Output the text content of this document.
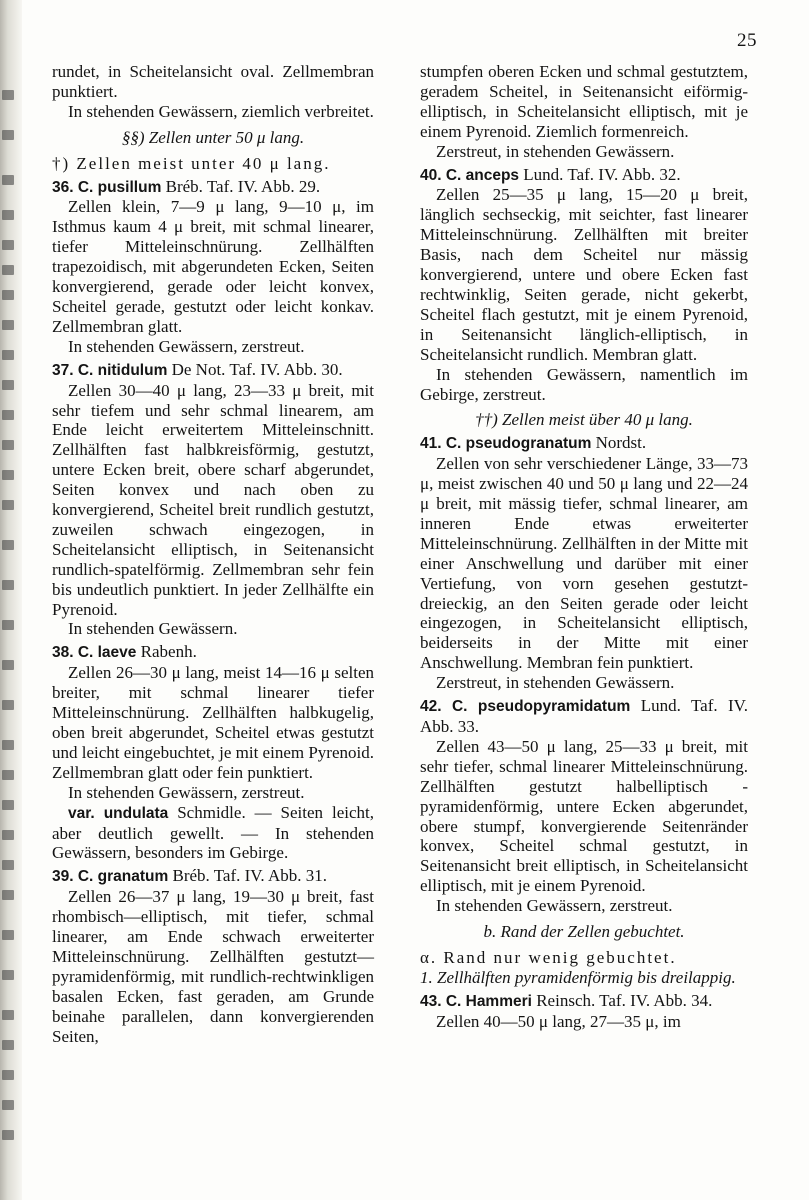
25

rundet, in Scheitelansicht oval. Zellmembran punktiert.

In stehenden Gewässern, ziemlich verbreitet.

§§) Zellen unter 50 μ lang.

†) Zellen meist unter 40 μ lang.

36. C. pusillum Bréb. Taf. IV. Abb. 29.

Zellen klein, 7—9 μ lang, 9—10 μ, im Isthmus kaum 4 μ breit, mit schmal linearer, tiefer Mitteleinschnürung. Zellhälften trapezoidisch, mit abgerundeten Ecken, Seiten konvergierend, gerade oder leicht konvex, Scheitel gerade, gestutzt oder leicht konkav. Zellmembran glatt.

In stehenden Gewässern, zerstreut.

37. C. nitidulum De Not. Taf. IV. Abb. 30.

Zellen 30—40 μ lang, 23—33 μ breit, mit sehr tiefem und sehr schmal linearem, am Ende leicht erweitertem Mitteleinschnitt. Zellhälften fast halbkreisförmig, gestutzt, untere Ecken breit, obere scharf abgerundet, Seiten konvex und nach oben zu konvergierend, Scheitel breit rundlich gestutzt, zuweilen schwach eingezogen, in Scheitelansicht elliptisch, in Seitenansicht rundlich-spatelförmig. Zellmembran sehr fein bis undeutlich punktiert. In jeder Zellhälfte ein Pyrenoid.

In stehenden Gewässern.

38. C. laeve Rabenh.

Zellen 26—30 μ lang, meist 14—16 μ selten breiter, mit schmal linearer tiefer Mitteleinschnürung. Zellhälften halbkugelig, oben breit abgerundet, Scheitel etwas gestutzt und leicht eingebuchtet, je mit einem Pyrenoid. Zellmembran glatt oder fein punktiert.

In stehenden Gewässern, zerstreut.

var. undulata Schmidle. — Seiten leicht, aber deutlich gewellt. — In stehenden Gewässern, besonders im Gebirge.

39. C. granatum Bréb. Taf. IV. Abb. 31.

Zellen 26—37 μ lang, 19—30 μ breit, fast rhombisch—elliptisch, mit tiefer, schmal linearer, am Ende schwach erweiterter Mitteleinschnürung. Zellhälften gestutzt—pyramidenförmig, mit rundlich-rechtwinkligen basalen Ecken, fast geraden, am Grunde beinahe parallelen, dann konvergierenden Seiten,

stumpfen oberen Ecken und schmal gestutztem, geradem Scheitel, in Seitenansicht eiförmig-elliptisch, in Scheitelansicht elliptisch, mit je einem Pyrenoid. Ziemlich formenreich.

Zerstreut, in stehenden Gewässern.

40. C. anceps Lund. Taf. IV. Abb. 32.

Zellen 25—35 μ lang, 15—20 μ breit, länglich sechseckig, mit seichter, fast linearer Mitteleinschnürung. Zellhälften mit breiter Basis, nach dem Scheitel nur mässig konvergierend, untere und obere Ecken fast rechtwinklig, Seiten gerade, nicht gekerbt, Scheitel flach gestutzt, mit je einem Pyrenoid, in Seitenansicht länglich-elliptisch, in Scheitelansicht rundlich. Membran glatt.

In stehenden Gewässern, namentlich im Gebirge, zerstreut.

††) Zellen meist über 40 μ lang.

41. C. pseudogranatum Nordst.

Zellen von sehr verschiedener Länge, 33—73 μ, meist zwischen 40 und 50 μ lang und 22—24 μ breit, mit mässig tiefer, schmal linearer, am inneren Ende etwas erweiterter Mitteleinschnürung. Zellhälften in der Mitte mit einer Anschwellung und darüber mit einer Vertiefung, von vorn gesehen gestutzt-dreieckig, an den Seiten gerade oder leicht eingezogen, in Scheitelansicht elliptisch, beiderseits in der Mitte mit einer Anschwellung. Membran fein punktiert.

Zerstreut, in stehenden Gewässern.

42. C. pseudopyramidatum Lund. Taf. IV. Abb. 33.

Zellen 43—50 μ lang, 25—33 μ breit, mit sehr tiefer, schmal linearer Mitteleinschnürung. Zellhälften gestutzt halbelliptisch - pyramidenförmig, untere Ecken abgerundet, obere stumpf, konvergierende Seitenränder konvex, Scheitel schmal gestutzt, in Seitenansicht breit elliptisch, in Scheitelansicht elliptisch, mit je einem Pyrenoid.

In stehenden Gewässern, zerstreut.

b. Rand der Zellen gebuchtet.

α. Rand nur wenig gebuchtet.

1. Zellhälften pyramidenförmig bis dreilappig.

43. C. Hammeri Reinsch. Taf. IV. Abb. 34.

Zellen 40—50 μ lang, 27—35 μ, im
